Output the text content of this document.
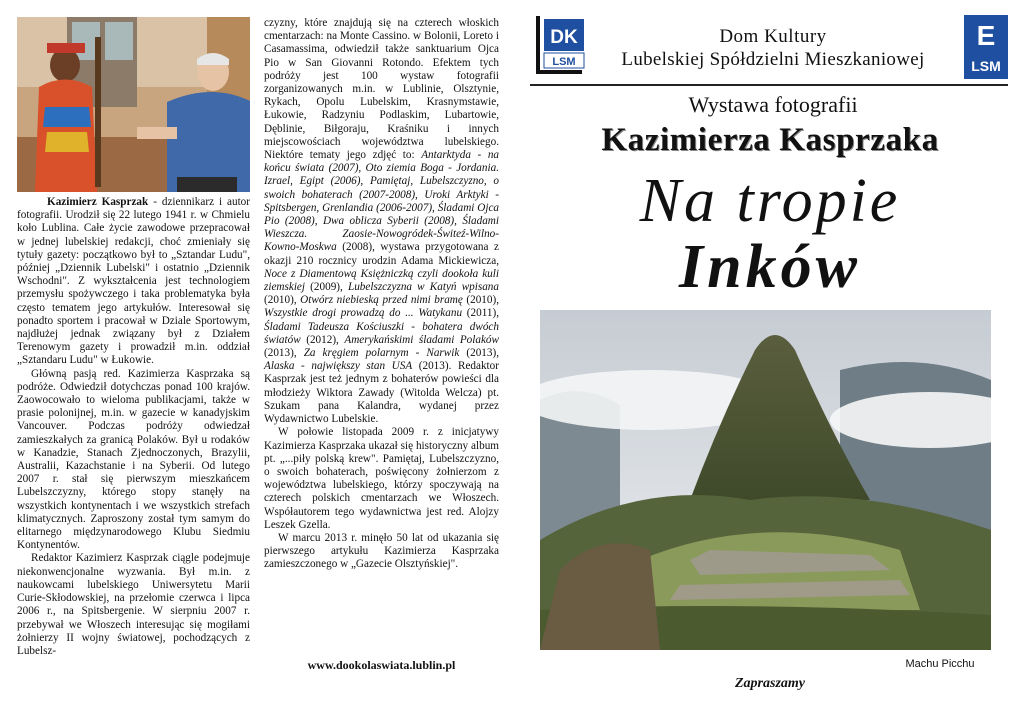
Kazimierz Kasprzak - dziennikarz i autor fotografii. Urodził się 22 lutego 1941 r. w Chmielu koło Lublina. Całe życie zawodowe przepracował w jednej lubelskiej redakcji, choć zmieniały się tytuły gazety: początkowo był to „Sztandar Ludu", później „Dziennik Lubelski" i ostatnio „Dziennik Wschodni". Z wykształcenia jest technologiem przemysłu spożywczego i taka problematyka była często tematem jego artykułów. Interesował się ponadto sportem i pracował w Dziale Sportowym, najdłużej jednak związany był z Działem Terenowym gazety i prowadził m.in. oddział „Sztandaru Ludu" w Łukowie.

Główną pasją red. Kazimierza Kasprzaka są podróże. Odwiedził dotychczas ponad 100 krajów. Zaowocowało to wieloma publikacjami, także w prasie polonijnej, m.in. w gazecie w kanadyjskim Vancouver. Podczas podróży odwiedzał zamieszkałych za granicą Polaków. Był u rodaków w Kanadzie, Stanach Zjednoczonych, Brazylii, Australii, Kazachstanie i na Syberii. Od lutego 2007 r. stał się pierwszym mieszkańcem Lubelszczyzny, którego stopy stanęły na wszystkich kontynentach i we wszystkich strefach klimatycznych. Zaproszony został tym samym do elitarnego międzynarodowego Klubu Siedmiu Kontynentów.

Redaktor Kazimierz Kasprzak ciągle podejmuje niekonwencjonalne wyzwania. Był m.in. z naukowcami lubelskiego Uniwersytetu Marii Curie-Skłodowskiej, na przełomie czerwca i lipca 2006 r., na Spitsbergenie. W sierpniu 2007 r. przebywał we Włoszech interesując się mogiłami żołnierzy II wojny światowej, pochodzących z Lubelsz-

czyzny, które znajdują się na czterech włoskich cmentarzach: na Monte Cassino. w Bolonii, Loreto i Casamassima, odwiedził także sanktuarium Ojca Pio w San Giovanni Rotondo. Efektem tych podróży jest 100 wystaw fotografii zorganizowanych m.in. w Lublinie, Olsztynie, Rykach, Opolu Lubelskim, Krasnymstawie, Łukowie, Radzyniu Podlaskim, Lubartowie, Dęblinie, Biłgoraju, Kraśniku i innych miejscowościach województwa lubelskiego. Niektóre tematy jego zdjęć to: Antarktyda - na końcu świata (2007), Oto ziemia Boga - Jordania. Izrael, Egipt (2006), Pamiętaj, Lubelszczyzno, o swoich bohaterach (2007-2008), Uroki Arktyki - Spitsbergen, Grenlandia (2006-2007), Śladami Ojca Pio (2008), Dwa oblicza Syberii (2008), Śladami Wieszcza. Zaosie-Nowogródek-Świteź-Wilno-Kowno-Moskwa (2008), wystawa przygotowana z okazji 210 rocznicy urodzin Adama Mickiewicza, Noce z Diamentową Księżniczką czyli dookoła kuli ziemskiej (2009), Lubelszczyzna w Katyń wpisana (2010), Otwórz niebieską przed nimi bramę (2010), Wszystkie drogi prowadzą do ... Watykanu (2011), Śladami Tadeusza Kościuszki - bohatera dwóch światów (2012), Amerykańskimi śladami Polaków (2013), Za kręgiem polarnym - Narwik (2013), Alaska - największy stan USA (2013). Redaktor Kasprzak jest też jednym z bohaterów powieści dla młodzieży Wiktora Zawady (Witolda Welcza) pt. Szukam pana Kalandra, wydanej przez Wydawnictwo Lubelskie.

W połowie listopada 2009 r. z inicjatywy Kazimierza Kasprzaka ukazał się historyczny album pt. „...piły polską krew". Pamiętaj, Lubelszczyzno, o swoich bohaterach, poświęcony żołnierzom z województwa lubelskiego, którzy spoczywają na czterech polskich cmentarzach we Włoszech. Współautorem tego wydawnictwa jest red. Alojzy Leszek Gzella.

W marcu 2013 r. minęło 50 lat od ukazania się pierwszego artykułu Kazimierza Kasprzaka zamieszczonego w „Gazecie Olsztyńskiej".

www.dookolaswiata.lublin.pl
DK
LSM
Dom Kultury
Lubelskiej Spółdzielni Mieszkaniowej
E
LSM
Wystawa fotografii
Kazimierza Kasprzaka
Na tropie
Inków
Machu Picchu
Zapraszamy
